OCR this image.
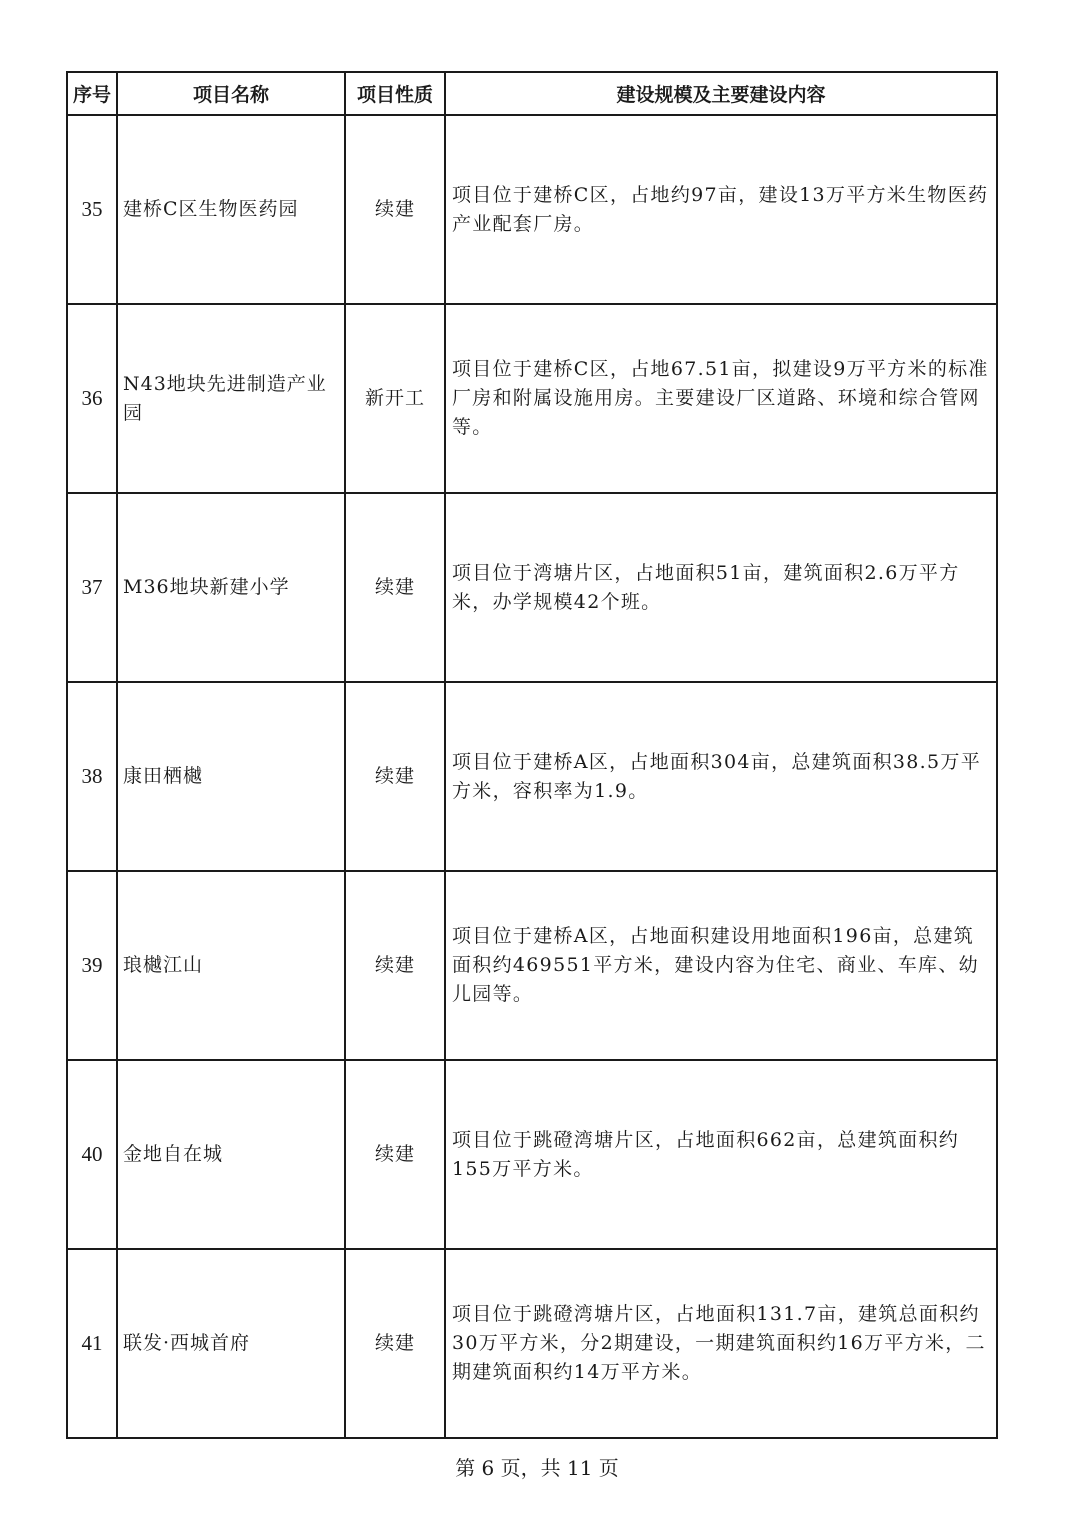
序号	项目名称	项目性质	建设规模及主要建设内容
35	建桥C区生物医药园	续建	项目位于建桥C区，占地约97亩，建设13万平方米生物医药产业配套厂房。
36	N43地块先进制造产业园	新开工	项目位于建桥C区，占地67.51亩，拟建设9万平方米的标准厂房和附属设施用房。主要建设厂区道路、环境和综合管网等。
37	M36地块新建小学	续建	项目位于湾塘片区，占地面积51亩，建筑面积2.6万平方米，办学规模42个班。
38	康田栖樾	续建	项目位于建桥A区，占地面积304亩，总建筑面积38.5万平方米，容积率为1.9。
39	琅樾江山	续建	项目位于建桥A区，占地面积建设用地面积196亩，总建筑面积约469551平方米，建设内容为住宅、商业、车库、幼儿园等。
40	金地自在城	续建	项目位于跳磴湾塘片区，占地面积662亩，总建筑面积约155万平方米。
41	联发·西城首府	续建	项目位于跳磴湾塘片区，占地面积131.7亩，建筑总面积约30万平方米，分2期建设，一期建筑面积约16万平方米，二期建筑面积约14万平方米。
第 6 页，共 11 页
